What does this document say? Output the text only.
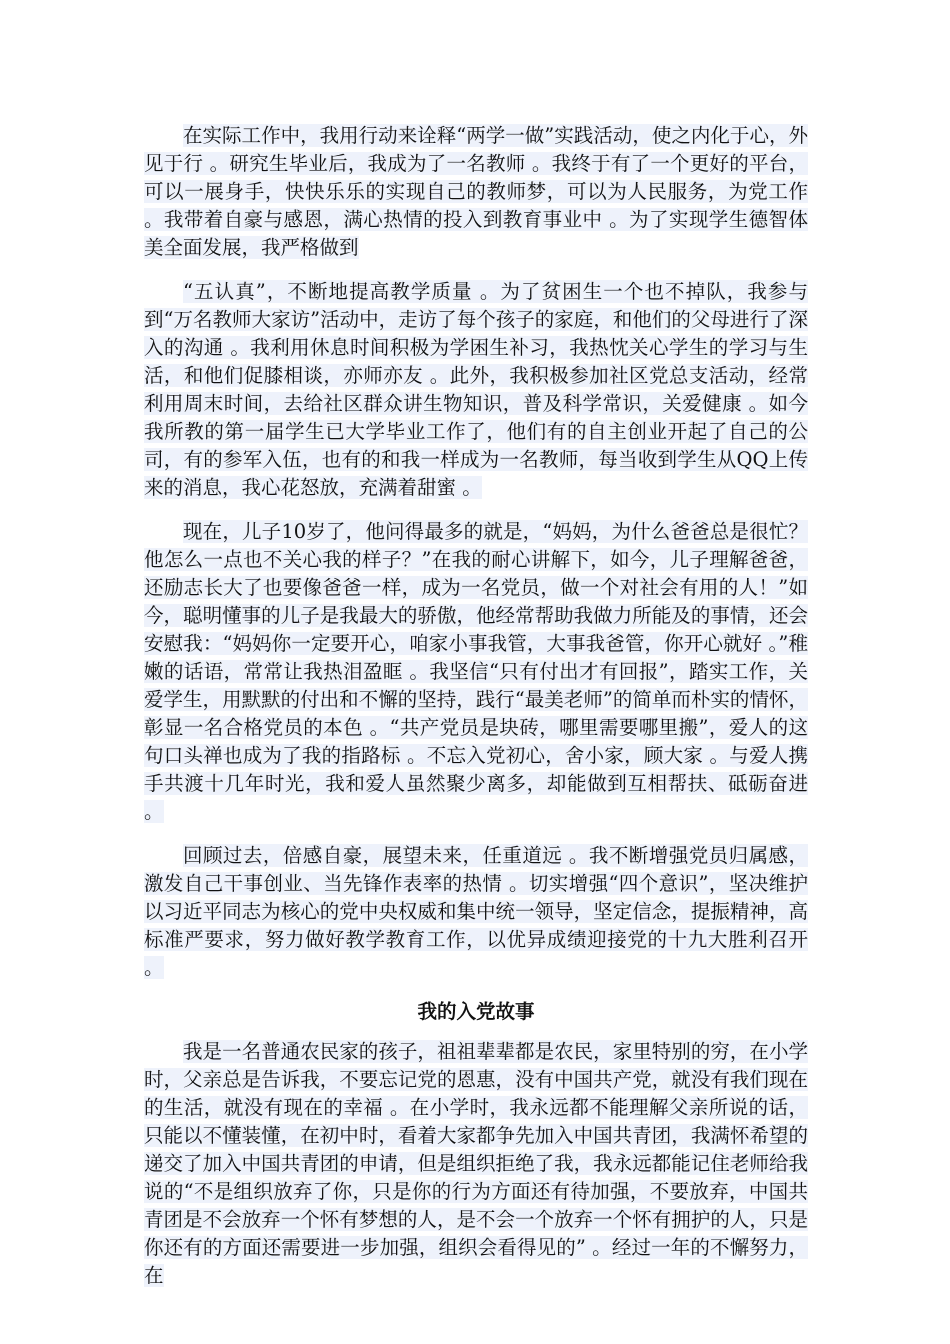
在实际工作中，我用行动来诠释“两学一做”实践活动，使之内化于心，外见于行 。研究生毕业后，我成为了一名教师 。我终于有了一个更好的平台，可以一展身手，快快乐乐的实现自己的教师梦，可以为人民服务，为党工作 。我带着自豪与感恩，满心热情的投入到教育事业中 。为了实现学生德智体美全面发展，我严格做到

“五认真”，不断地提高教学质量 。为了贫困生一个也不掉队，我参与到“万名教师大家访”活动中，走访了每个孩子的家庭，和他们的父母进行了深入的沟通 。我利用休息时间积极为学困生补习，我热忱关心学生的学习与生活，和他们促膝相谈，亦师亦友 。此外，我积极参加社区党总支活动，经常利用周末时间，去给社区群众讲生物知识，普及科学常识，关爱健康 。如今我所教的第一届学生已大学毕业工作了，他们有的自主创业开起了自己的公司，有的参军入伍，也有的和我一样成为一名教师，每当收到学生从QQ上传来的消息，我心花怒放，充满着甜蜜 。

现在，儿子10岁了，他问得最多的就是，“妈妈，为什么爸爸总是很忙？他怎么一点也不关心我的样子？”在我的耐心讲解下，如今，儿子理解爸爸，还励志长大了也要像爸爸一样，成为一名党员，做一个对社会有用的人！”如今，聪明懂事的儿子是我最大的骄傲，他经常帮助我做力所能及的事情，还会安慰我：“妈妈你一定要开心，咱家小事我管，大事我爸管，你开心就好 。”稚嫩的话语，常常让我热泪盈眶 。我坚信“只有付出才有回报”，踏实工作，关爱学生，用默默的付出和不懈的坚持，践行“最美老师”的简单而朴实的情怀，彰显一名合格党员的本色 。“共产党员是块砖，哪里需要哪里搬”，爱人的这句口头禅也成为了我的指路标 。不忘入党初心，舍小家，顾大家 。与爱人携手共渡十几年时光，我和爱人虽然聚少离多，却能做到互相帮扶、砥砺奋进 。

回顾过去，倍感自豪，展望未来，任重道远 。我不断增强党员归属感，激发自己干事创业、当先锋作表率的热情 。切实增强“四个意识”，坚决维护以习近平同志为核心的党中央权威和集中统一领导，坚定信念，提振精神，高标准严要求，努力做好教学教育工作，以优异成绩迎接党的十九大胜利召开 。

我的入党故事

我是一名普通农民家的孩子，祖祖辈辈都是农民，家里特别的穷，在小学时，父亲总是告诉我，不要忘记党的恩惠，没有中国共产党，就没有我们现在的生活，就没有现在的幸福 。在小学时，我永远都不能理解父亲所说的话，只能以不懂装懂，在初中时，看着大家都争先加入中国共青团，我满怀希望的递交了加入中国共青团的申请，但是组织拒绝了我，我永远都能记住老师给我说的“不是组织放弃了你，只是你的行为方面还有待加强，不要放弃，中国共青团是不会放弃一个怀有梦想的人，是不会一个放弃一个怀有拥护的人，只是你还有的方面还需要进一步加强，组织会看得见的” 。经过一年的不懈努力，在
